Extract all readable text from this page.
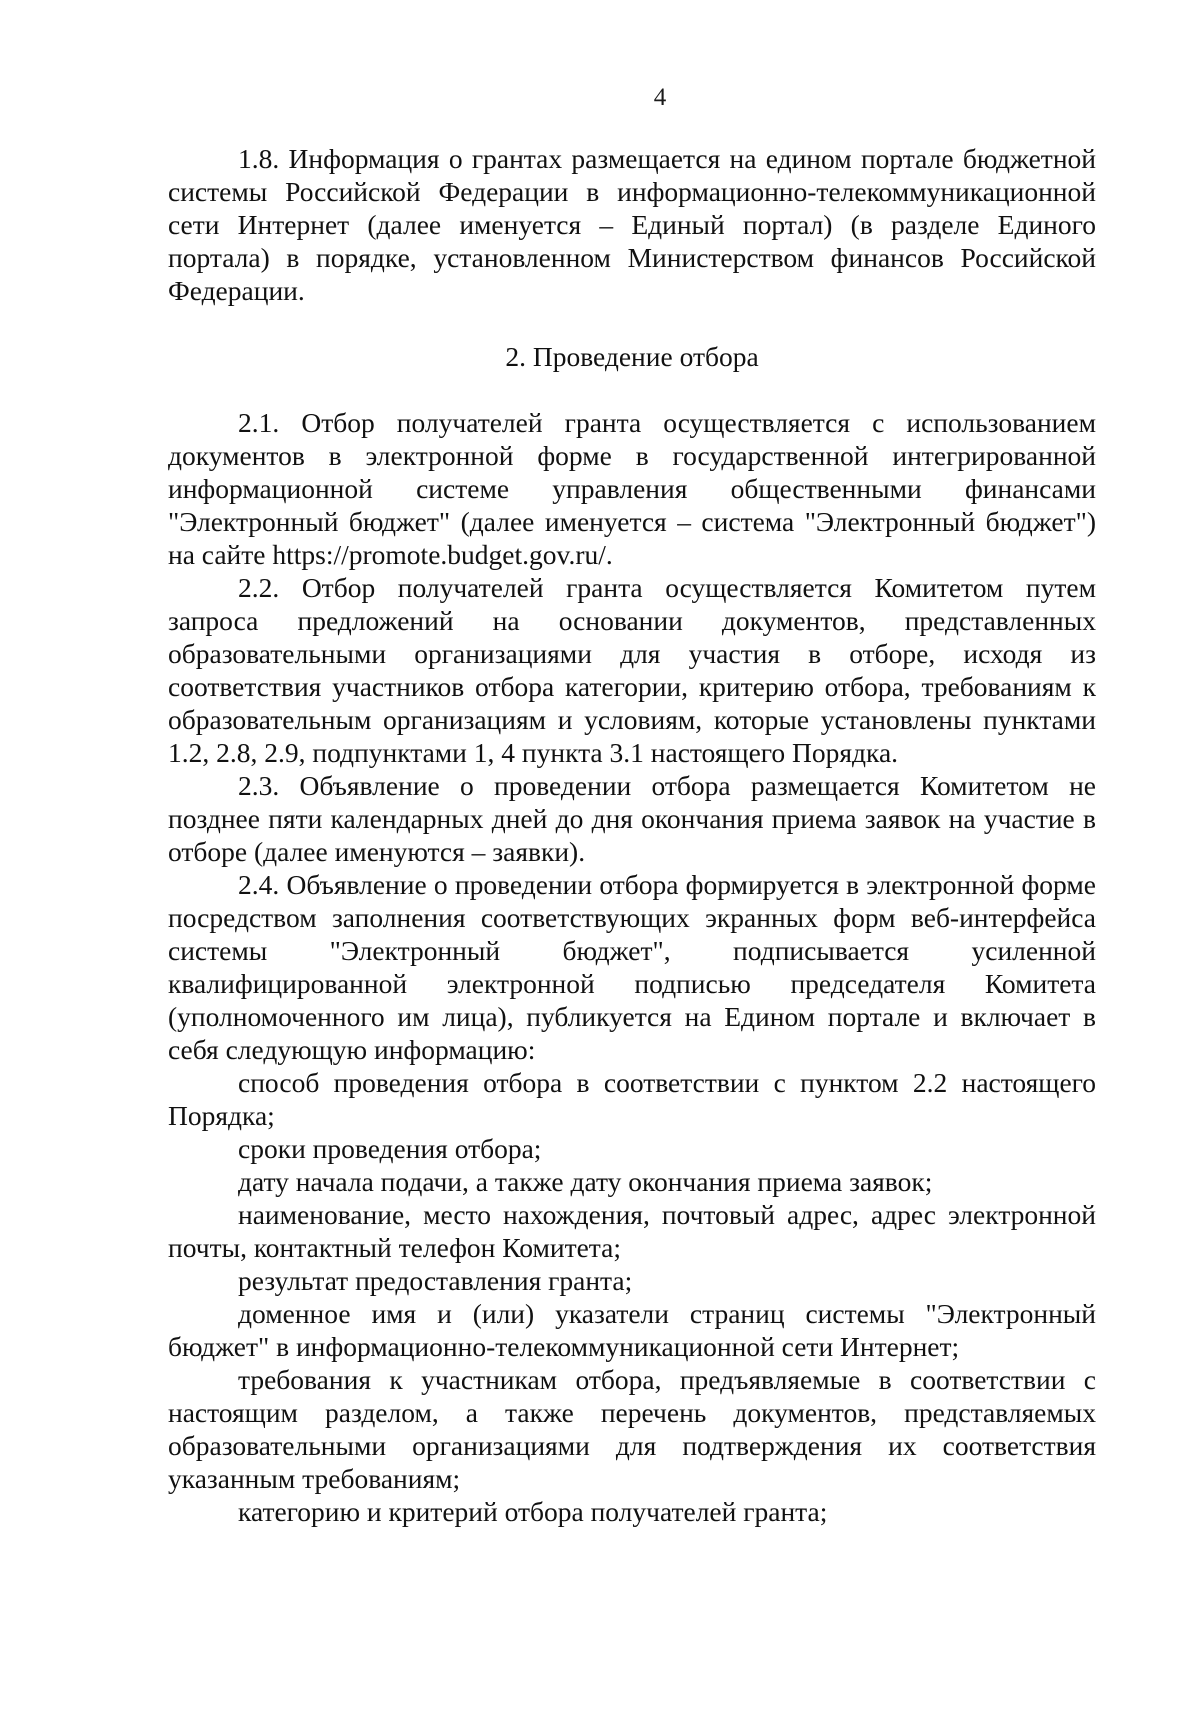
4

1.8. Информация о грантах размещается на едином портале бюджетной системы Российской Федерации в информационно-телекоммуникационной сети Интернет (далее именуется – Единый портал) (в разделе Единого портала) в порядке, установленном Министерством финансов Российской Федерации.

2. Проведение отбора

2.1. Отбор получателей гранта осуществляется с использованием документов в электронной форме в государственной интегрированной информационной системе управления общественными финансами "Электронный бюджет" (далее именуется – система "Электронный бюджет") на сайте https://promote.budget.gov.ru/.

2.2. Отбор получателей гранта осуществляется Комитетом путем запроса предложений на основании документов, представленных образовательными организациями для участия в отборе, исходя из соответствия участников отбора категории, критерию отбора, требованиям к образовательным организациям и условиям, которые установлены пунктами 1.2, 2.8, 2.9, подпунктами 1, 4 пункта 3.1 настоящего Порядка.

2.3. Объявление о проведении отбора размещается Комитетом не позднее пяти календарных дней до дня окончания приема заявок на участие в отборе (далее именуются – заявки).

2.4. Объявление о проведении отбора формируется в электронной форме посредством заполнения соответствующих экранных форм веб-интерфейса системы "Электронный бюджет", подписывается усиленной квалифицированной электронной подписью председателя Комитета (уполномоченного им лица), публикуется на Едином портале и включает в себя следующую информацию:

способ проведения отбора в соответствии с пунктом 2.2 настоящего Порядка;

сроки проведения отбора;

дату начала подачи, а также дату окончания приема заявок;

наименование, место нахождения, почтовый адрес, адрес электронной почты, контактный телефон Комитета;

результат предоставления гранта;

доменное имя и (или) указатели страниц системы "Электронный бюджет" в информационно-телекоммуникационной сети Интернет;

требования к участникам отбора, предъявляемые в соответствии с настоящим разделом, а также перечень документов, представляемых образовательными организациями для подтверждения их соответствия указанным требованиям;

категорию и критерий отбора получателей гранта;
